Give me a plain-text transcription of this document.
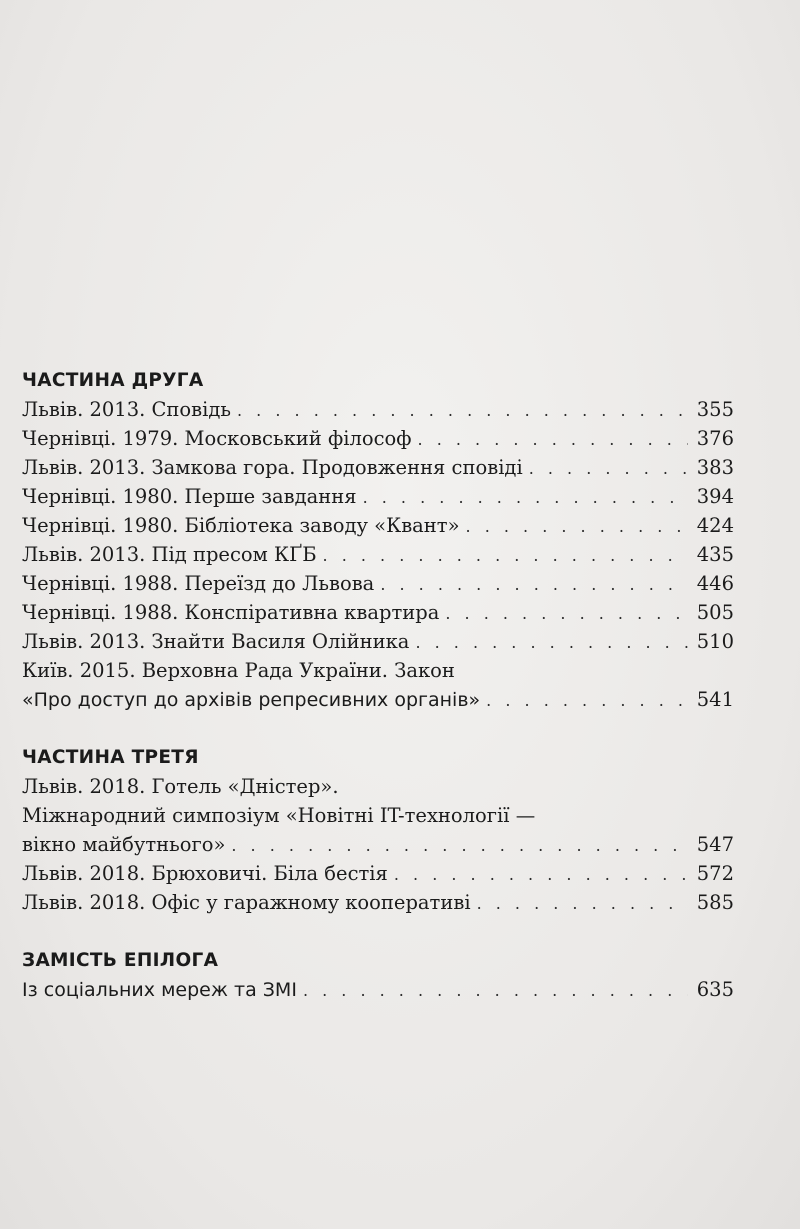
ЧАСТИНА ДРУГА
Львів. 2013. Сповідь . . .	355
Чернівці. 1979. Московський філософ . . .	376
Львів. 2013. Замкова гора. Продовження сповіді . . .	383
Чернівці. 1980. Перше завдання . . .	394
Чернівці. 1980. Бібліотека заводу «Квант» . . .	424
Львів. 2013. Під пресом КҐБ . . .	435
Чернівці. 1988. Переїзд до Львова . . .	446
Чернівці. 1988. Конспіративна квартира . . .	505
Львів. 2013. Знайти Василя Олійника . . .	510
Київ. 2015. Верховна Рада України. Закон
«Про доступ до архівів репресивних органів» . . .	541
ЧАСТИНА ТРЕТЯ
Львів. 2018. Готель «Дністер».
Міжнародний симпозіум «Новітні IT-технології —
вікно майбутнього» . . .	547
Львів. 2018. Брюховичі. Біла бестія . . .	572
Львів. 2018. Офіс у гаражному кооперативі . . .	585
ЗАМІСТЬ ЕПІЛОГА
Із соціальних мереж та ЗМІ . . .	635
